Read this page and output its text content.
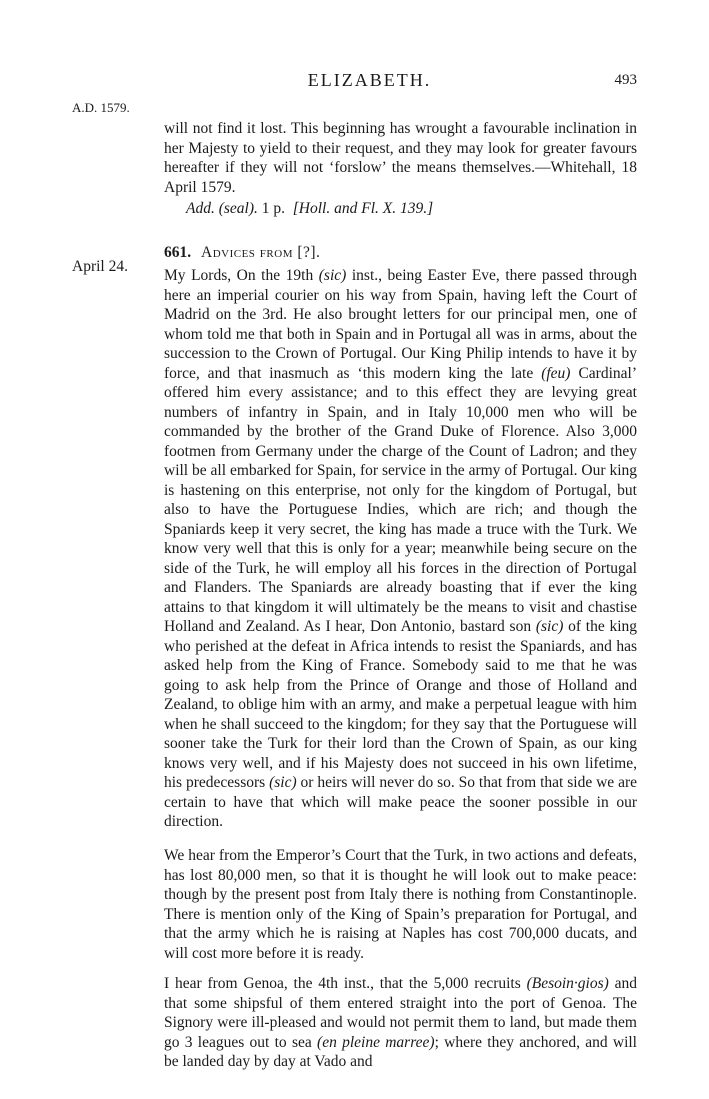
ELIZABETH.	493
A.D. 1579.

will not find it lost. This beginning has wrought a favourable inclination in her Majesty to yield to their request, and they may look for greater favours hereafter if they will not ‘forslow’ the means themselves.—Whitehall, 18 April 1579.

Add. (seal). 1 p. [Holl. and Fl. X. 139.]
661. Advices from [?].
April 24.

My Lords, On the 19th (sic) inst., being Easter Eve, there passed through here an imperial courier on his way from Spain, having left the Court of Madrid on the 3rd. He also brought letters for our principal men, one of whom told me that both in Spain and in Portugal all was in arms, about the succession to the Crown of Portugal. Our King Philip intends to have it by force, and that inasmuch as ‘this modern king the late (feu) Cardinal’ offered him every assistance; and to this effect they are levying great numbers of infantry in Spain, and in Italy 10,000 men who will be commanded by the brother of the Grand Duke of Florence. Also 3,000 footmen from Germany under the charge of the Count of Ladron; and they will be all embarked for Spain, for service in the army of Portugal. Our king is hastening on this enterprise, not only for the kingdom of Portugal, but also to have the Portuguese Indies, which are rich; and though the Spaniards keep it very secret, the king has made a truce with the Turk. We know very well that this is only for a year; meanwhile being secure on the side of the Turk, he will employ all his forces in the direction of Portugal and Flanders. The Spaniards are already boasting that if ever the king attains to that kingdom it will ultimately be the means to visit and chastise Holland and Zealand. As I hear, Don Antonio, bastard son (sic) of the king who perished at the defeat in Africa intends to resist the Spaniards, and has asked help from the King of France. Somebody said to me that he was going to ask help from the Prince of Orange and those of Holland and Zealand, to oblige him with an army, and make a perpetual league with him when he shall succeed to the kingdom; for they say that the Portuguese will sooner take the Turk for their lord than the Crown of Spain, as our king knows very well, and if his Majesty does not succeed in his own lifetime, his predecessors (sic) or heirs will never do so. So that from that side we are certain to have that which will make peace the sooner possible in our direction.

We hear from the Emperor’s Court that the Turk, in two actions and defeats, has lost 80,000 men, so that it is thought he will look out to make peace: though by the present post from Italy there is nothing from Constantinople. There is mention only of the King of Spain’s preparation for Portugal, and that the army which he is raising at Naples has cost 700,000 ducats, and will cost more before it is ready.

I hear from Genoa, the 4th inst., that the 5,000 recruits (Besoin·gios) and that some shipsful of them entered straight into the port of Genoa. The Signory were ill-pleased and would not permit them to land, but made them go 3 leagues out to sea (en pleine marree); where they anchored, and will be landed day by day at Vado and
